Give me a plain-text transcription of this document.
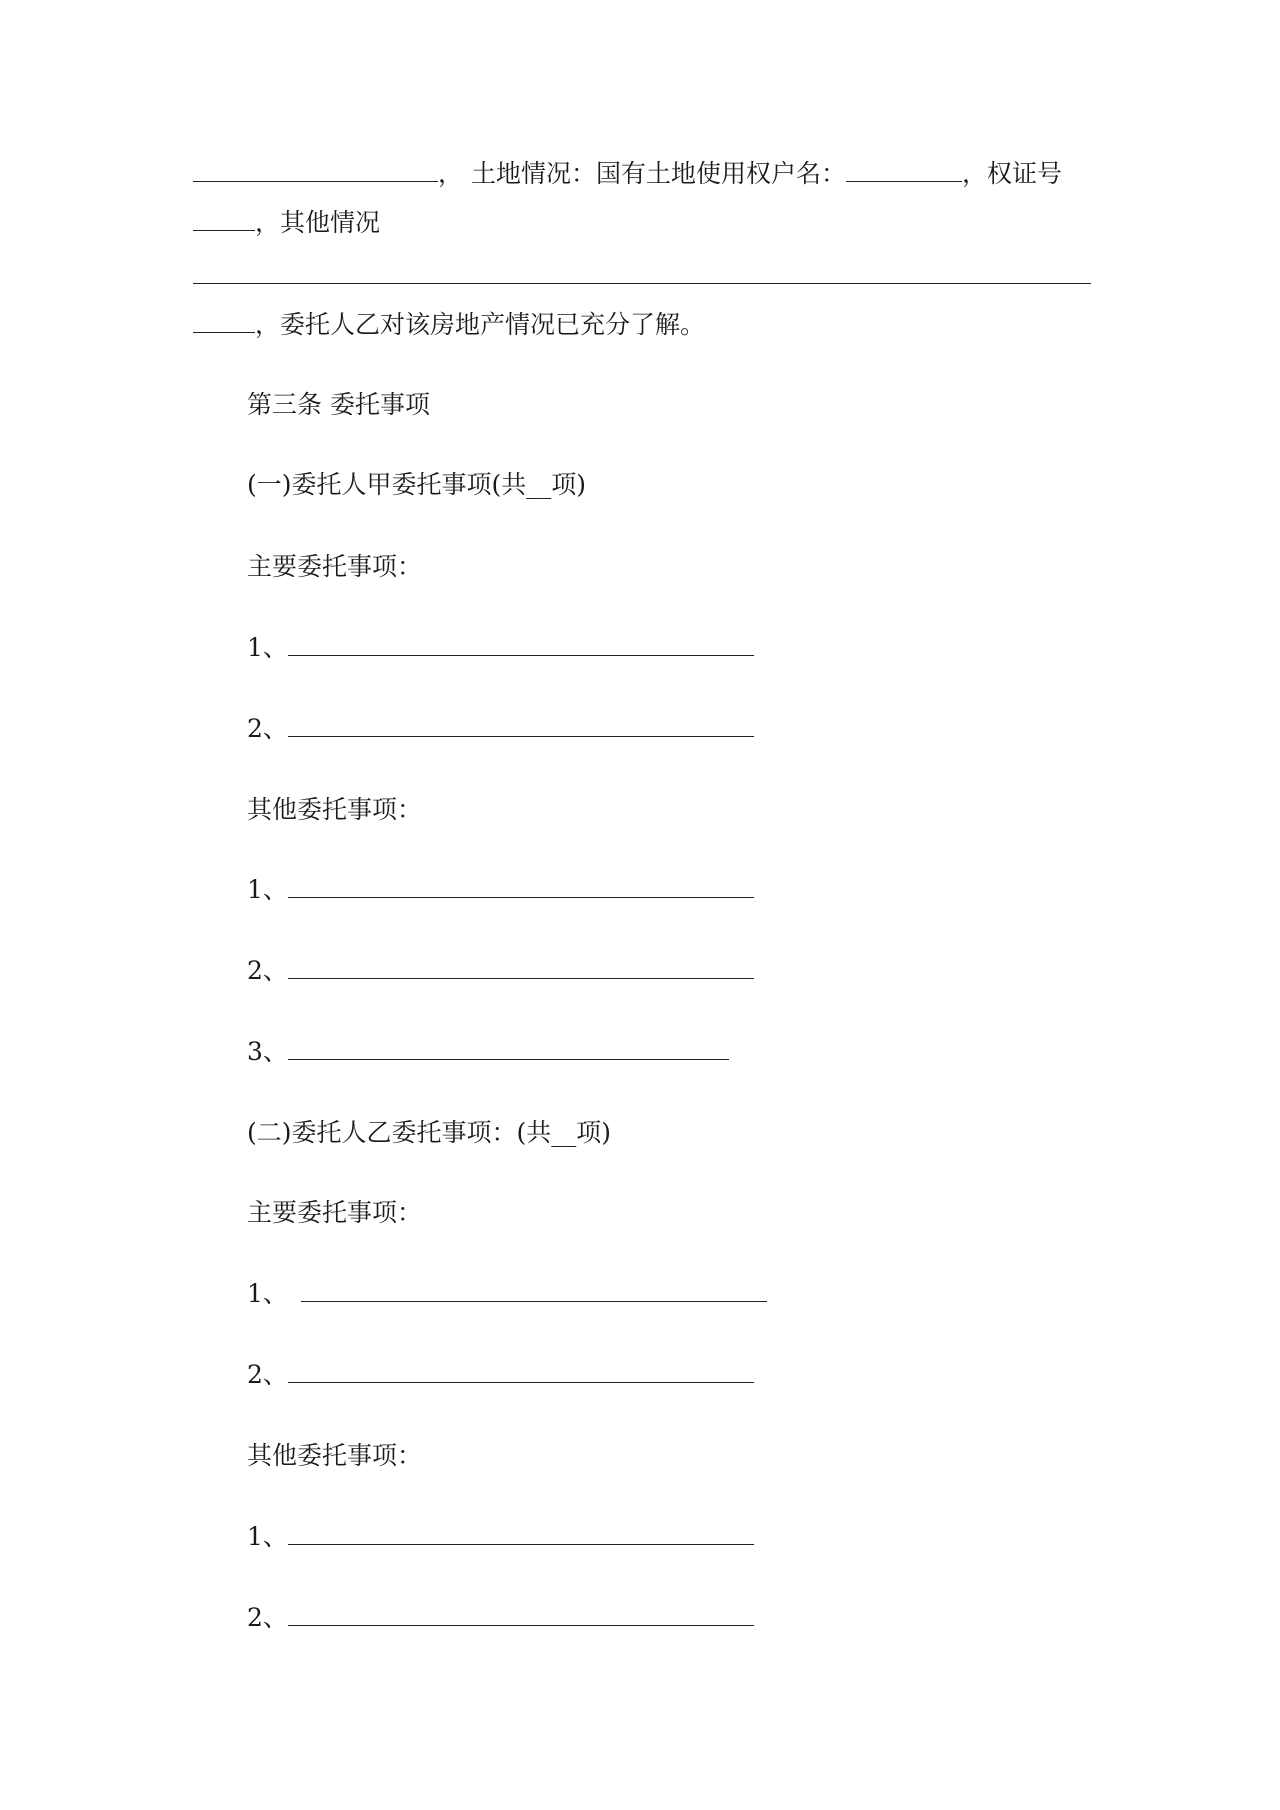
， 土地情况：国有土地使用权户名：	，权证号
，其他情况
，委托人乙对该房地产情况已充分了解。
第三条 委托事项
(一)委托人甲委托事项(共__项)
主要委托事项：
1、
2、
其他委托事项：
1、
2、
3、
(二)委托人乙委托事项：(共__项)
主要委托事项：
1、
2、
其他委托事项：
1、
2、
